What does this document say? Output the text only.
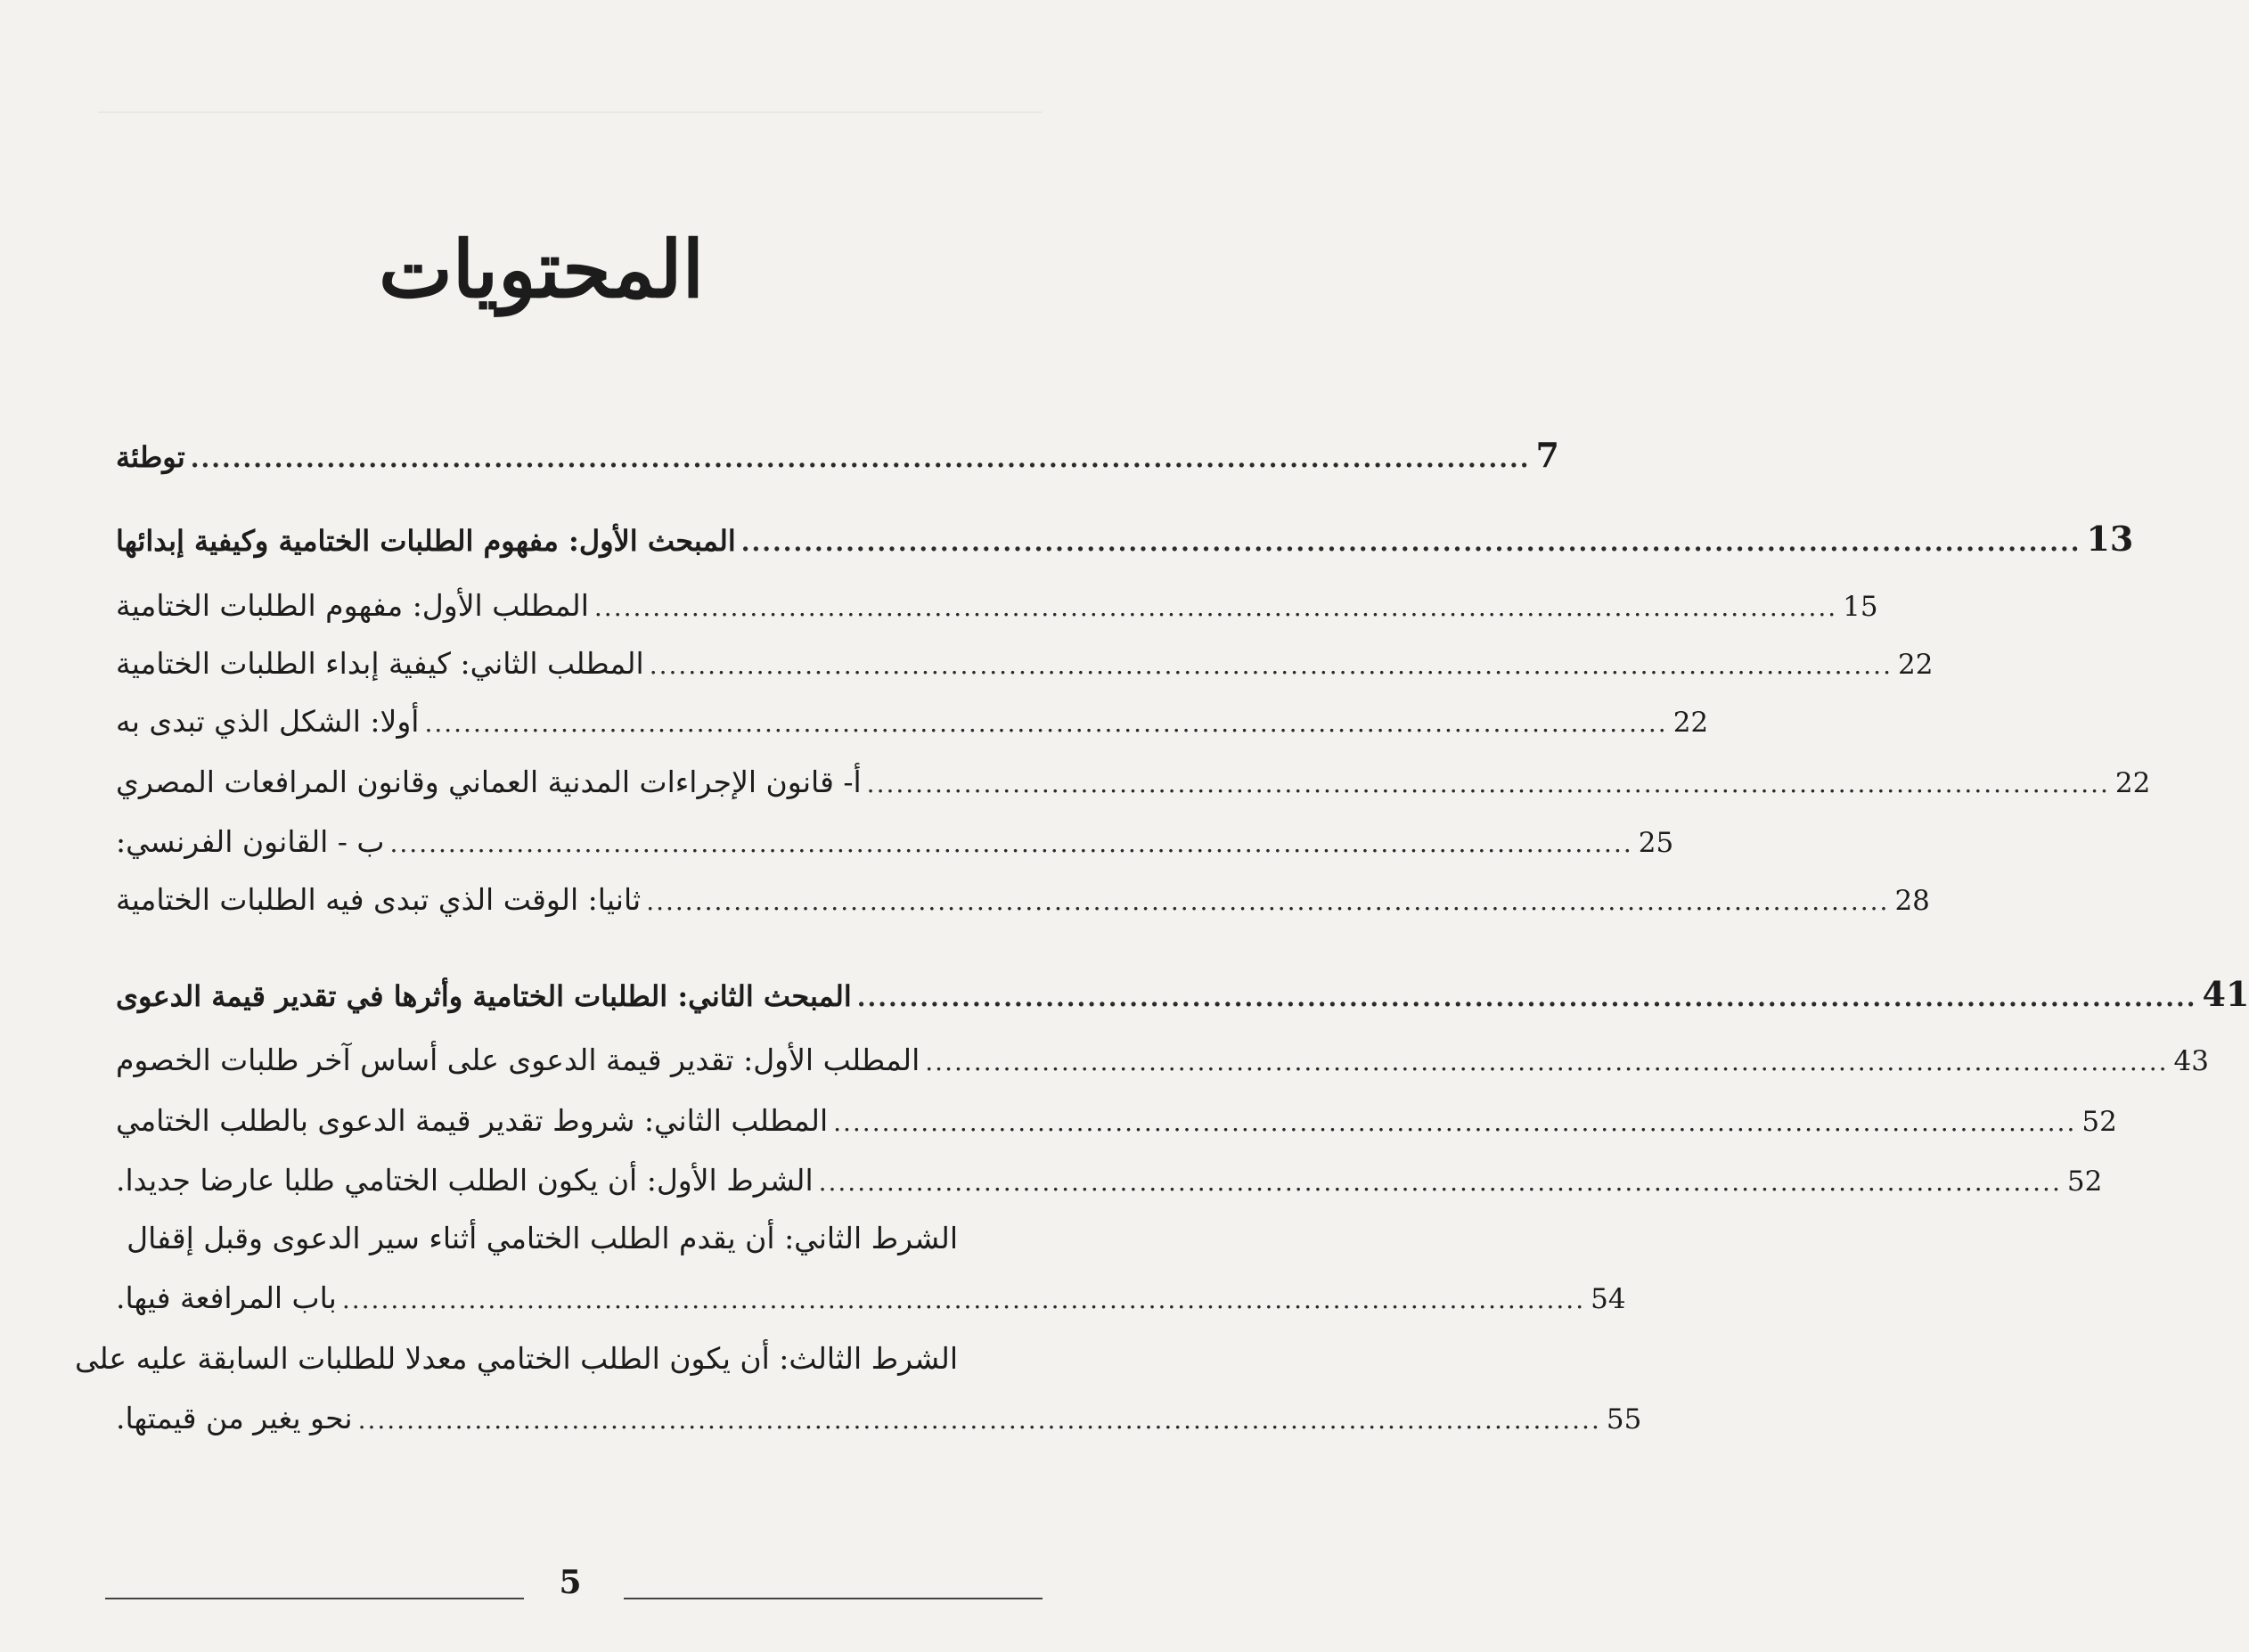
المحتويات
توطئة ................................................................................................................................ 7
المبحث الأول: مفهوم الطلبات الختامية وكيفية إبدائها ................................................................................................................................ 13
المطلب الأول: مفهوم الطلبات الختامية ................................................................................................................................ 15
المطلب الثاني: كيفية إبداء الطلبات الختامية ................................................................................................................................ 22
أولا: الشكل الذي تبدى به ................................................................................................................................ 22
أ- قانون الإجراءات المدنية العماني وقانون المرافعات المصري ................................................................................................................................ 22
ب - القانون الفرنسي: ................................................................................................................................ 25
ثانيا: الوقت الذي تبدى فيه الطلبات الختامية ................................................................................................................................ 28
المبحث الثاني: الطلبات الختامية وأثرها في تقدير قيمة الدعوى ................................................................................................................................ 41
المطلب الأول: تقدير قيمة الدعوى على أساس آخر طلبات الخصوم ................................................................................................................................ 43
المطلب الثاني: شروط تقدير قيمة الدعوى بالطلب الختامي ................................................................................................................................ 52
الشرط الأول: أن يكون الطلب الختامي طلبا عارضا جديدا. ................................................................................................................................ 52
الشرط الثاني: أن يقدم الطلب الختامي أثناء سير الدعوى وقبل إقفال
باب المرافعة فيها. ................................................................................................................................ 54
الشرط الثالث: أن يكون الطلب الختامي معدلا للطلبات السابقة عليه على
نحو يغير من قيمتها. ................................................................................................................................ 55
5
